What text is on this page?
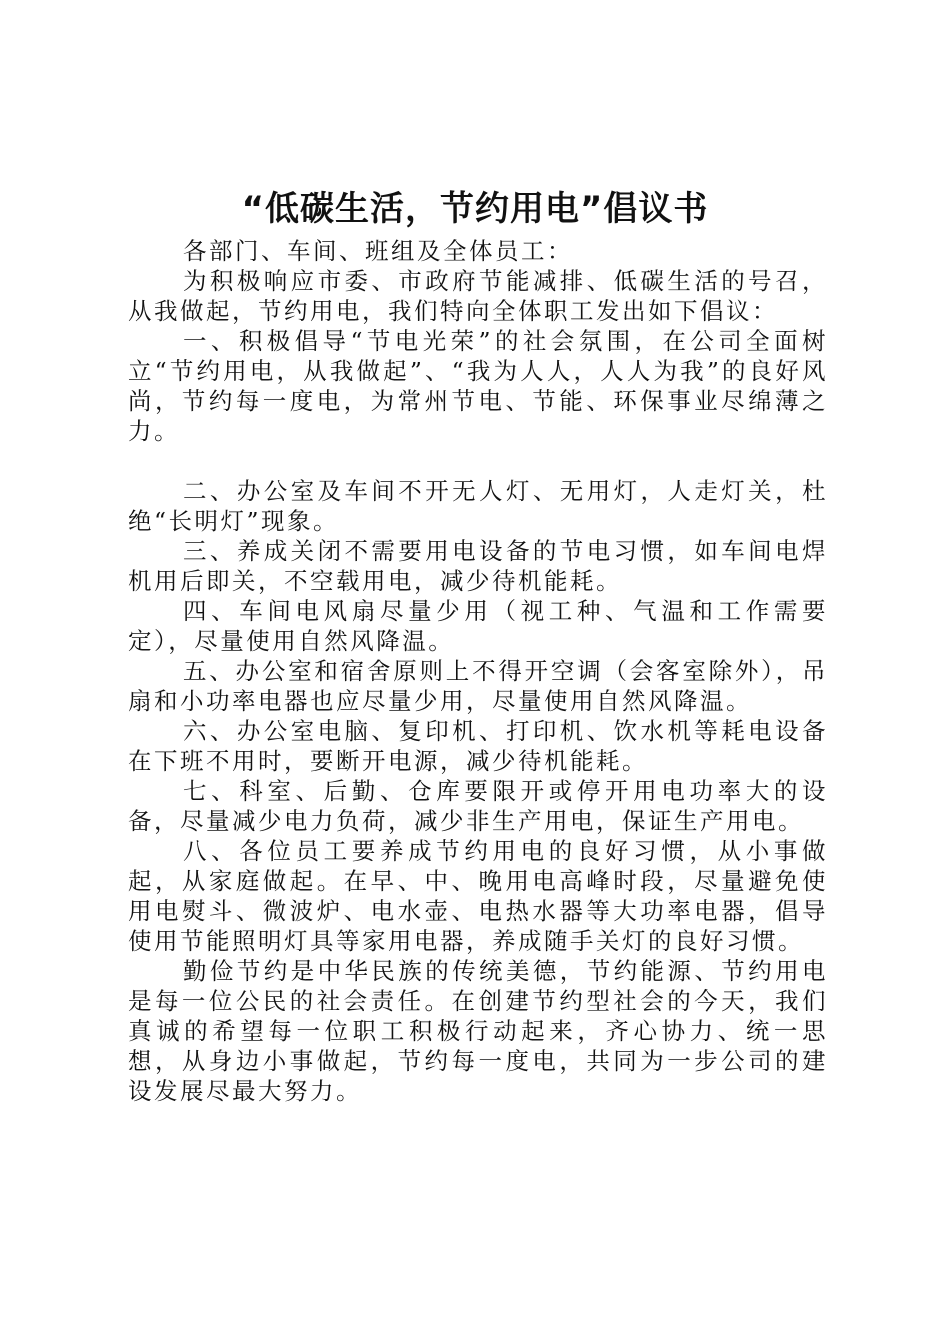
“低碳生活，节约用电”倡议书

各部门、车间、班组及全体员工：

为积极响应市委、市政府节能减排、低碳生活的号召，从我做起，节约用电，我们特向全体职工发出如下倡议：

一、积极倡导“节电光荣”的社会氛围，在公司全面树立“节约用电，从我做起”、“我为人人，人人为我”的良好风尚，节约每一度电，为常州节电、节能、环保事业尽绵薄之力。

二、办公室及车间不开无人灯、无用灯，人走灯关，杜绝“长明灯”现象。

三、养成关闭不需要用电设备的节电习惯，如车间电焊机用后即关，不空载用电，减少待机能耗。

四、车间电风扇尽量少用（视工种、气温和工作需要定），尽量使用自然风降温。

五、办公室和宿舍原则上不得开空调（会客室除外），吊扇和小功率电器也应尽量少用，尽量使用自然风降温。

六、办公室电脑、复印机、打印机、饮水机等耗电设备在下班不用时，要断开电源，减少待机能耗。

七、科室、后勤、仓库要限开或停开用电功率大的设备，尽量减少电力负荷，减少非生产用电，保证生产用电。

八、各位员工要养成节约用电的良好习惯，从小事做起，从家庭做起。在早、中、晚用电高峰时段，尽量避免使用电熨斗、微波炉、电水壶、电热水器等大功率电器，倡导使用节能照明灯具等家用电器，养成随手关灯的良好习惯。

勤俭节约是中华民族的传统美德，节约能源、节约用电是每一位公民的社会责任。在创建节约型社会的今天，我们真诚的希望每一位职工积极行动起来，齐心协力、统一思想，从身边小事做起，节约每一度电，共同为一步公司的建设发展尽最大努力。
